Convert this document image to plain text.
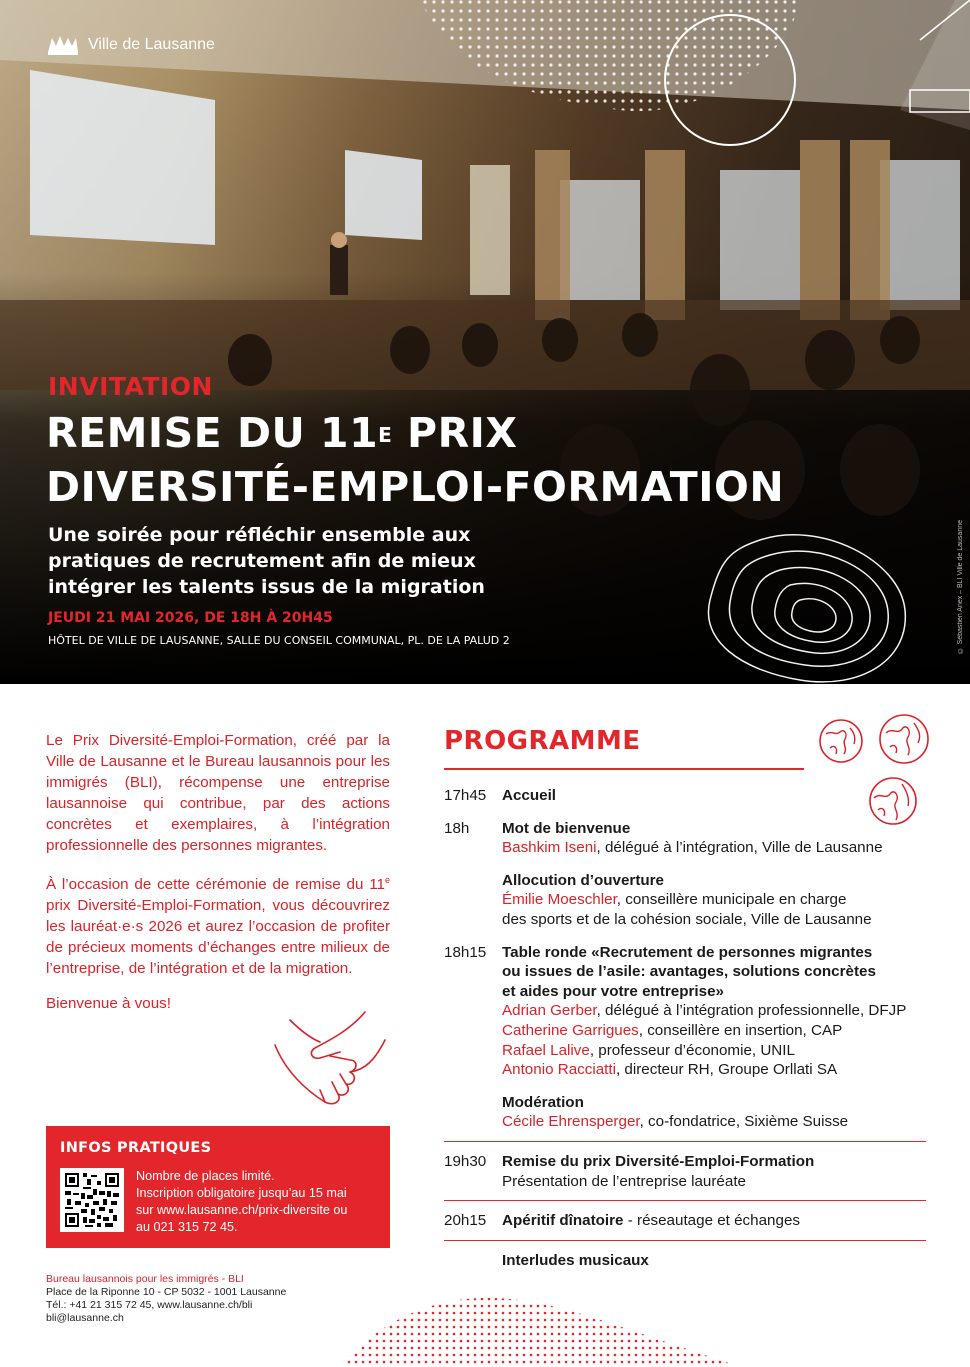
Ville de Lausanne
INVITATION
REMISE DU $11^E$ PRIX
DIVERSITÉ-EMPLOI-FORMATION
Une soirée pour réfléchir ensemble aux pratiques de recrutement afin de mieux intégrer les talents issus de la migration
JEUDI 21 MAI 2026, DE 18H À 20H45
HÔTEL DE VILLE DE LAUSANNE, SALLE DU CONSEIL COMMUNAL, PL. DE LA PALUD 2	© Sébastien Anex – BLI Ville de Lausanne

Le Prix Diversité-Emploi-Formation, créé par la Ville de Lausanne et le Bureau lausannois pour les immigrés (BLI), récompense une entreprise lausannoise qui contribue, par des actions concrètes et exemplaires, à l’intégration professionnelle des personnes migrantes.

À l’occasion de cette cérémonie de remise du 11e prix Diversité-Emploi-Formation, vous découvrirez les lauréat·e·s 2026 et aurez l’occasion de profiter de précieux moments d’échanges entre milieux de l’entreprise, de l’intégration et de la migration.

Bienvenue à vous!

INFOS PRATIQUES
Nombre de places limité.
Inscription obligatoire jusqu’au 15 mai
sur www.lausanne.ch/prix-diversite ou
au 021 315 72 45.
Bureau lausannois pour les immigrés - BLI
Place de la Riponne 10 - CP 5032 - 1001 Lausanne
Tél.: +41 21 315 72 45, www.lausanne.ch/bli
bli@lausanne.ch
PROGRAMME
17h45	Accueil
18h	Mot de bienvenue
Bashkim Iseni, délégué à l’intégration, Ville de Lausanne
Allocution d’ouverture
Émilie Moeschler, conseillère municipale en charge
des sports et de la cohésion sociale, Ville de Lausanne
18h15	Table ronde «Recrutement de personnes migrantes
ou issues de l’asile: avantages, solutions concrètes
et aides pour votre entreprise»
Adrian Gerber, délégué à l’intégration professionnelle, DFJP
Catherine Garrigues, conseillère en insertion, CAP
Rafael Lalive, professeur d’économie, UNIL
Antonio Racciatti, directeur RH, Groupe Orllati SA
Modération
Cécile Ehrensperger, co-fondatrice, Sixième Suisse
19h30	Remise du prix Diversité-Emploi-Formation
Présentation de l’entreprise lauréate
20h15	Apéritif dînatoire - réseautage et échanges
Interludes musicaux
